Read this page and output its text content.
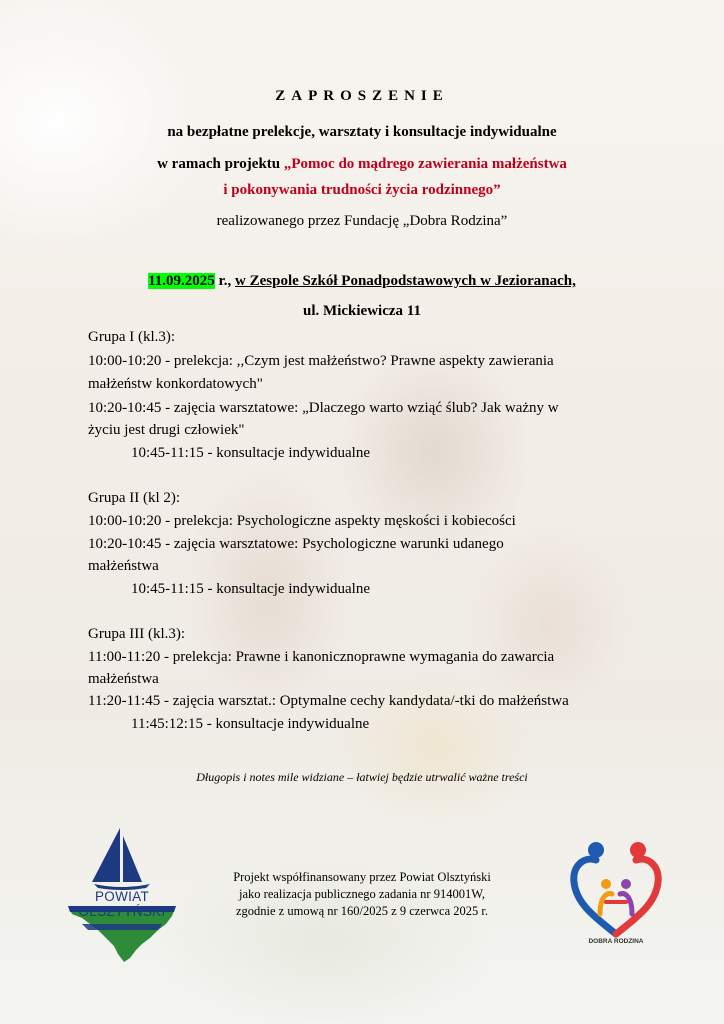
ZAPROSZENIE
na bezpłatne prelekcje, warsztaty i konsultacje indywidualne
w ramach projektu „Pomoc do mądrego zawierania małżeństwa
i pokonywania trudności życia rodzinnego”
realizowanego przez Fundację „Dobra Rodzina”
11.09.2025 r., w Zespole Szkół Ponadpodstawowych w Jezioranach,
ul. Mickiewicza 11
Grupa I (kl.3):
10:00-10:20 - prelekcja: ,,Czym jest małżeństwo? Prawne aspekty zawierania
małżeństw konkordatowych"
10:20-10:45 - zajęcia warsztatowe: „Dlaczego warto wziąć ślub? Jak ważny w
życiu jest drugi człowiek"
10:45-11:15 - konsultacje indywidualne
Grupa II (kl 2):
10:00-10:20 - prelekcja: Psychologiczne aspekty męskości i kobiecości
10:20-10:45 - zajęcia warsztatowe: Psychologiczne warunki udanego
małżeństwa
10:45-11:15 - konsultacje indywidualne
Grupa III (kl.3):
11:00-11:20 - prelekcja: Prawne i kanonicznoprawne wymagania do zawarcia
małżeństwa
11:20-11:45 - zajęcia warsztat.: Optymalne cechy kandydata/-tki do małżeństwa
11:45:12:15 - konsultacje indywidualne
Długopis i notes mile widziane – łatwiej będzie utrwalić ważne treści
POWIAT OLSZTYŃSKI
Projekt współfinansowany przez Powiat Olsztyński
jako realizacja publicznego zadania nr 914001W,
zgodnie z umową nr 160/2025 z 9 czerwca 2025 r.
DOBRA RODZINA
